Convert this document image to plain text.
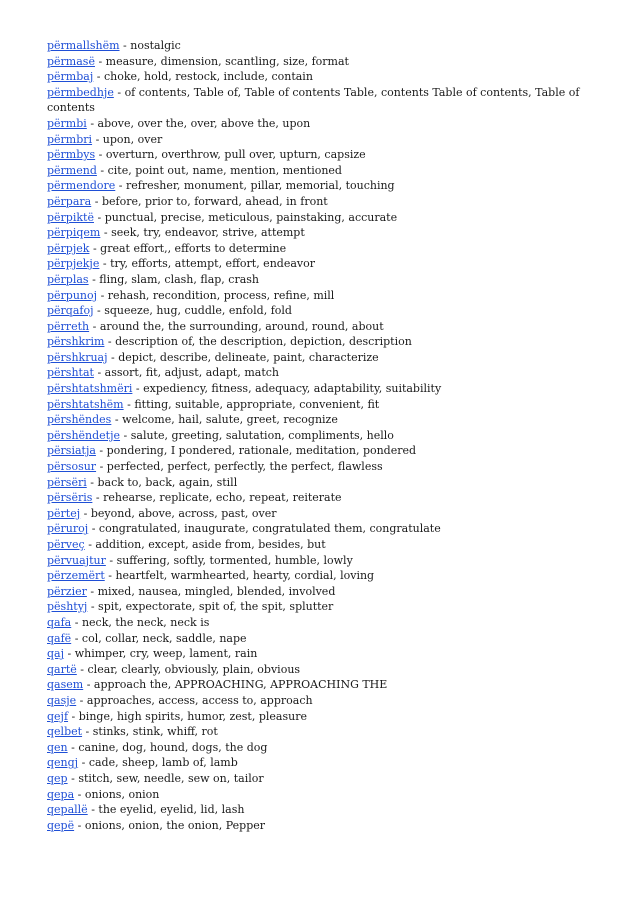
përmallshëm - nostalgic

përmasë - measure, dimension, scantling, size, format

përmbaj - choke, hold, restock, include, contain

përmbedhje - of contents, Table of, Table of contents Table, contents Table of contents, Table of contents

përmbi - above, over the, over, above the, upon

përmbri - upon, over

përmbys - overturn, overthrow, pull over, upturn, capsize

përmend - cite, point out, name, mention, mentioned

përmendore - refresher, monument, pillar, memorial, touching

përpara - before, prior to, forward, ahead, in front

përpiktë - punctual, precise, meticulous, painstaking, accurate

përpiqem - seek, try, endeavor, strive, attempt

përpjek - great effort,, efforts to determine

përpjekje - try, efforts, attempt, effort, endeavor

përplas - fling, slam, clash, flap, crash

përpunoj - rehash, recondition, process, refine, mill

përqafoj - squeeze, hug, cuddle, enfold, fold

përreth - around the, the surrounding, around, round, about

përshkrim - description of, the description, depiction, description

përshkruaj - depict, describe, delineate, paint, characterize

përshtat - assort, fit, adjust, adapt, match

përshtatshmëri - expediency, fitness, adequacy, adaptability, suitability

përshtatshëm - fitting, suitable, appropriate, convenient, fit

përshëndes - welcome, hail, salute, greet, recognize

përshëndetje - salute, greeting, salutation, compliments, hello

përsiatja - pondering, I pondered, rationale, meditation, pondered

përsosur - perfected, perfect, perfectly, the perfect, flawless

përsëri - back to, back, again, still

përsëris - rehearse, replicate, echo, repeat, reiterate

përtej - beyond, above, across, past, over

përuroj - congratulated, inaugurate, congratulated them, congratulate

përveç - addition, except, aside from, besides, but

përvuajtur - suffering, softly, tormented, humble, lowly

përzemërt - heartfelt, warmhearted, hearty, cordial, loving

përzier - mixed, nausea, mingled, blended, involved

pështyj - spit, expectorate, spit of, the spit, splutter

qafa - neck, the neck, neck is

qafë - col, collar, neck, saddle, nape

qaj - whimper, cry, weep, lament, rain

qartë - clear, clearly, obviously, plain, obvious

qasem - approach the, APPROACHING, APPROACHING THE

qasje - approaches, access, access to, approach

qejf - binge, high spirits, humor, zest, pleasure

qelbet - stinks, stink, whiff, rot

qen - canine, dog, hound, dogs, the dog

qengj - cade, sheep, lamb of, lamb

qep - stitch, sew, needle, sew on, tailor

qepa - onions, onion

qepallë - the eyelid, eyelid, lid, lash

qepë - onions, onion, the onion, Pepper
